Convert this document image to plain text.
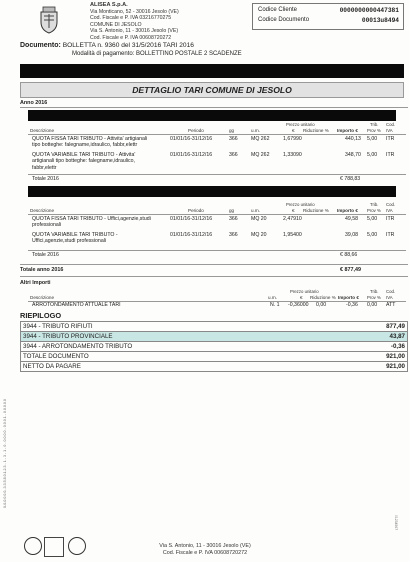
ALISEA S.p.A.
Via Monticano, 52 - 30016 Jesolo (VE)
Cod. Fiscale e P. IVA 03216770275
COMUNE DI JESOLO
Via S. Antonio, 11 - 30016 Jesolo (VE)
Cod. Fiscale e P. IVA 00608720272
Codice Cliente	0000000000447381
Codice Documento	00013u8494
Documento: BOLLETTA n. 9360 del 31/5/2016 TARI 2016
Modalità di pagamento: BOLLETTINO POSTALE 2 SCADENZE
DETTAGLIO TARI COMUNE DI JESOLO
Anno 2016
Descrizione	Periodo	gg	u.m.
Prezzo unitario
€ Riduzione % Importo €
Trib.
Prov %
Cod.
IVA
QUOTA FISSA TARI TRIBUTO - Attivita' artigianali
tipo botteghe: falegname,idraulico, fabbr,elettr
01/01/16-31/12/16	366	MQ 262	1,67990	440,13 5,00 ITR
QUOTA VARIABILE TARI TRIBUTO - Attivita'
artigianali tipo botteghe: falegname,idraulico,
fabbr,elettr
01/01/16-31/12/16	366	MQ 262	1,33090	348,70 5,00 ITR
Totale 2016	€ 788,83
Descrizione	Periodo	gg	u.m.
Prezzo unitario
€ Riduzione % Importo €
Trib.
Prov %
Cod.
IVA
QUOTA FISSA TARI TRIBUTO - Uffici,agenzie,studi
professionali
01/01/16-31/12/16	366	MQ 20	2,47910	49,58 5,00 ITR
QUOTA VARIABILE TARI TRIBUTO -
Uffici,agenzie,studi professionali
01/01/16-31/12/16	366	MQ 20	1,95400	39,08 5,00 ITR
Totale 2016	€ 88,66
Totale anno 2016	€ 877,49
Altri Importi
Descrizione	u.m.
Prezzo unitario
€ Riduzione % Importo €
Trib.
Prov %
Cod.
IVA
ARROTONDAMENTO ATTUALE TARI	N. 1 -0,36000 0,00	-0,36 0,00 ATT
RIEPILOGO
3944 - TRIBUTO RIFIUTI	877,49
3944 - TRIBUTO PROVINCIALE	43,87
3944 - ARROTONDAMENTO TRIBUTO	-0,36
TOTALE DOCUMENTO	921,00
NETTO DA PAGARE	921,00
0-0-0.0.0.0-.3.3.5.8.0.1.2.3 - 1 - 3 - 1 - 0 - 0.0.0.0 - 0.0.0.1 - 0.0.0.0.0
01234567
Via S. Antonio, 11 - 30016 Jesolo (VE)
Cod. Fiscale e P. IVA 00608720272
